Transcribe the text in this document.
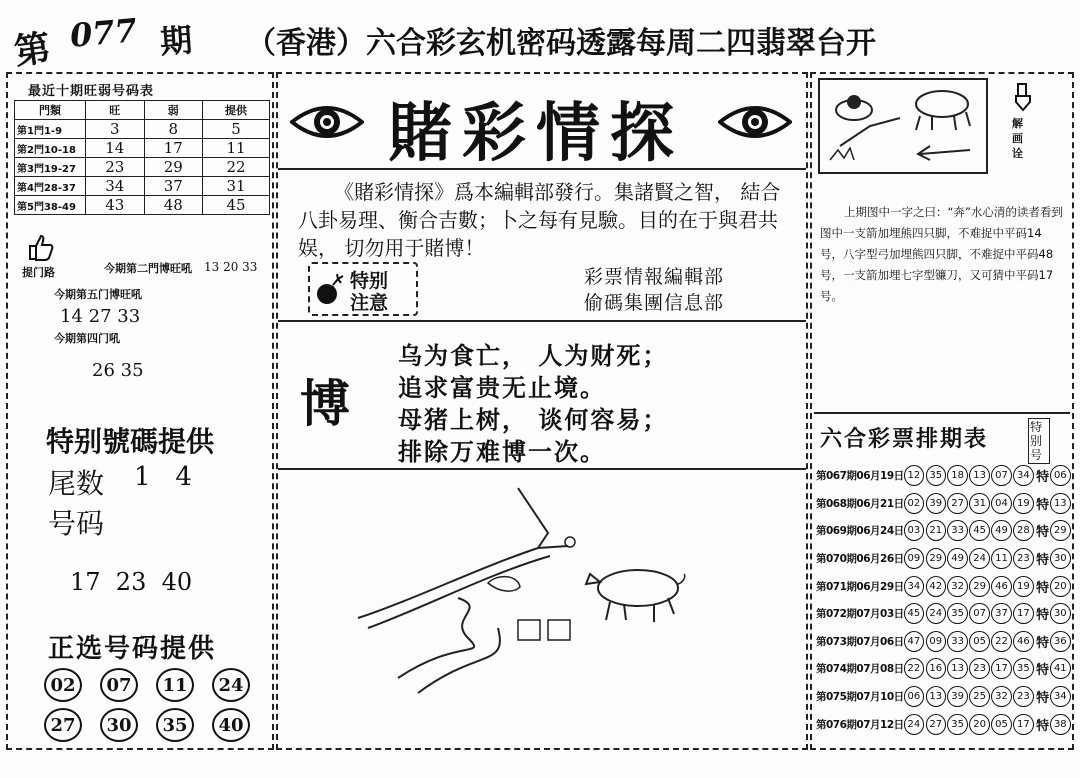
第 077 期 （香港）六合彩玄机密码透露每周二四翡翠台开
最近十期旺弱号码表
門類	旺	弱	提供
第1門1-9	3	8	5
第2門10-18	14	17	11
第3門19-27	23	29	22
第4門28-37	34	37	31
第5門38-49	43	48	45
提门路	今期第二門博旺吼 13 20 33
今期第五门博旺吼
14 27 33
今期第四门吼
26 35
特别號碼提供
尾数 1   4
号码
17  23  40
正选号码提供
02	07	11	24
27	30	35	40
賭彩情探
《賭彩情探》爲本編輯部發行。集諸賢之智， 結合八卦易理、衡合吉數；卜之每有見驗。目的在于與君共娱， 切勿用于賭博！
特别
注意
彩票情報編輯部
偷碼集團信息部
博
乌为食亡， 人为财死；
追求富贵无止境。
母猪上树， 谈何容易；
排除万难博一次。
解画诠
上期图中一字之曰：“奔”水心清的读者看到图中一支箭加埋熊四只脚，不难捉中平码14号，八字型弓加埋熊四只脚，不难捉中平码48号，一支箭加埋七字型镰刀，又可猜中平码17号。
六合彩票排期表	特别号
第067期06月19日 12 35 18 13 07 34 特 06
第068期06月21日 02 39 27 31 04 19 特 13
第069期06月24日 03 21 33 45 49 28 特 29
第070期06月26日 09 29 49 24 11 23 特 30
第071期06月29日 34 42 32 29 46 19 特 20
第072期07月03日 45 24 35 07 37 17 特 30
第073期07月06日 47 09 33 05 22 46 特 36
第074期07月08日 22 16 13 23 17 35 特 41
第075期07月10日 06 13 39 25 32 23 特 34
第076期07月12日 24 27 35 20 05 17 特 38
